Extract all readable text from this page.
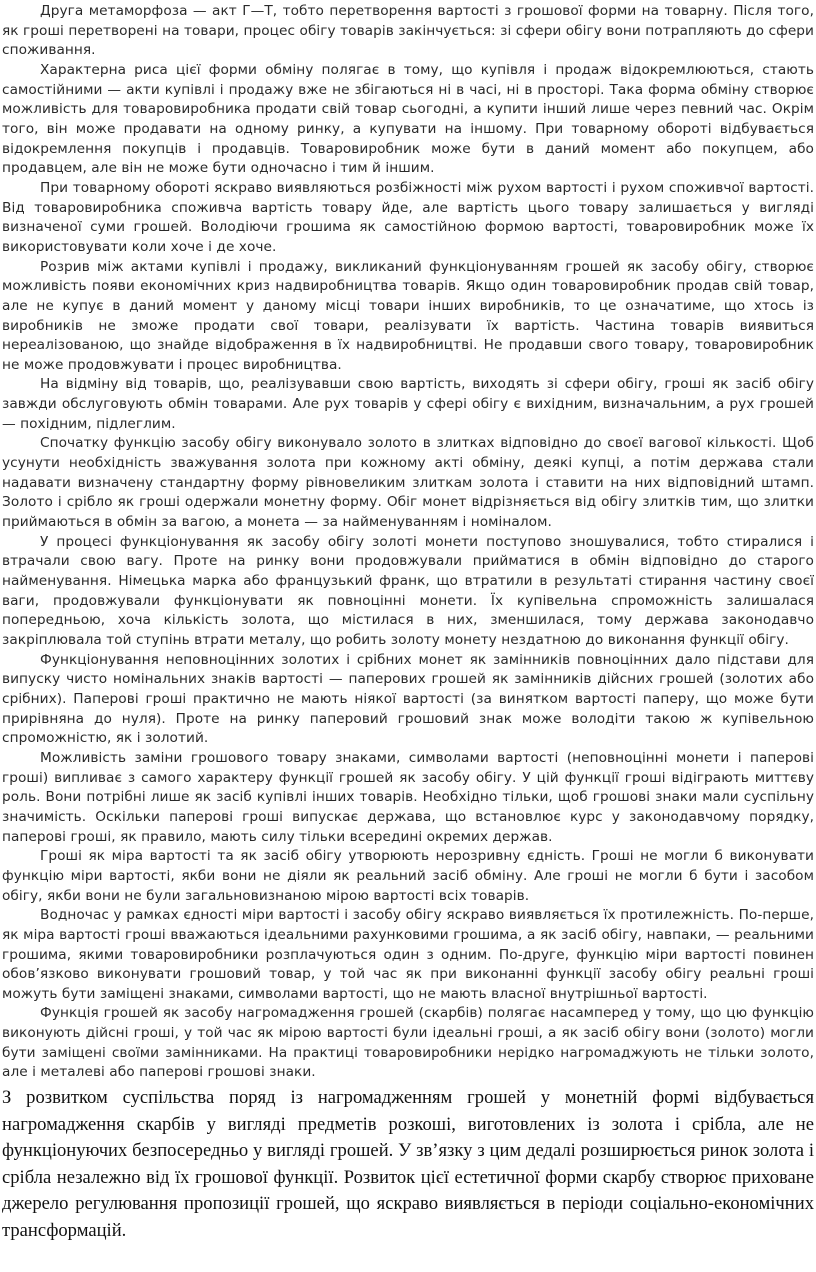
Друга метаморфоза — акт Г—Т, тобто перетворення вартості з грошової форми на товарну. Після того, як гроші перетворені на товари, процес обігу товарів закінчується: зі сфери обігу вони потрапляють до сфери споживання.

Характерна риса цієї форми обміну полягає в тому, що купівля і продаж відокремлюються, стають самостійними — акти купівлі і продажу вже не збігаються ні в часі, ні в просторі. Така форма обміну створює можливість для товаровиробника продати свій товар сьогодні, а купити інший лише через певний час. Окрім того, він може продавати на одному ринку, а купувати на іншому. При товарному обороті відбувається відокремлення покупців і продавців. Товаровиробник може бути в даний момент або покупцем, або продавцем, але він не може бути одночасно і тим й іншим.

При товарному обороті яскраво виявляються розбіжності між рухом вартості і рухом споживчої вартості. Від товаровиробника споживча вартість товару йде, але вартість цього товару залишається у вигляді визначеної суми грошей. Володіючи грошима як самостійною формою вартості, товаровиробник може їх використовувати коли хоче і де хоче.

Розрив між актами купівлі і продажу, викликаний функціонуванням грошей як засобу обігу, створює можливість появи економічних криз надвиробництва товарів. Якщо один товаровиробник продав свій товар, але не купує в даний момент у даному місці товари інших виробників, то це означатиме, що хтось із виробників не зможе продати свої товари, реалізувати їх вартість. Частина товарів виявиться нереалізованою, що знайде відображення в їх надвиробництві. Не продавши свого товару, товаровиробник не може продовжувати і процес виробництва.

На відміну від товарів, що, реалізувавши свою вартість, виходять зі сфери обігу, гроші як засіб обігу завжди обслуговують обмін товарами. Але рух товарів у сфері обігу є вихідним, визначальним, а рух грошей — похідним, підлеглим.

Спочатку функцію засобу обігу виконувало золото в злитках відповідно до своєї вагової кількості. Щоб усунути необхідність зважування золота при кожному акті обміну, деякі купці, а потім держава стали надавати визначену стандартну форму рівновеликим злиткам золота і ставити на них відповідний штамп. Золото і срібло як гроші одержали монетну форму. Обіг монет відрізняється від обігу злитків тим, що злитки приймаються в обмін за вагою, а монета — за найменуванням і номіналом.

У процесі функціонування як засобу обігу золоті монети поступово зношувалися, тобто стиралися і втрачали свою вагу. Проте на ринку вони продовжували прийматися в обмін відповідно до старого найменування. Німецька марка або французький франк, що втратили в результаті стирання частину своєї ваги, продовжували функціонувати як повноцінні монети. Їх купівельна спроможність залишалася попередньою, хоча кількість золота, що містилася в них, зменшилася, тому держава законодавчо закріплювала той ступінь втрати металу, що робить золоту монету нездатною до виконання функції обігу.

Функціонування неповноцінних золотих і срібних монет як замінників повноцінних дало підстави для випуску чисто номінальних знаків вартості — паперових грошей як замінників дійсних грошей (золотих або срібних). Паперові гроші практично не мають ніякої вартості (за винятком вартості паперу, що може бути прирівняна до нуля). Проте на ринку паперовий грошовий знак може володіти такою ж купівельною спроможністю, як і золотий.

Можливість заміни грошового товару знаками, символами вартості (неповноцінні монети і паперові гроші) випливає з самого характеру функції грошей як засобу обігу. У цій функції гроші відіграють миттєву роль. Вони потрібні лише як засіб купівлі інших товарів. Необхідно тільки, щоб грошові знаки мали суспільну значимість. Оскільки паперові гроші випускає держава, що встановлює курс у законодавчому порядку, паперові гроші, як правило, мають силу тільки всередині окремих держав.

Гроші як міра вартості та як засіб обігу утворюють нерозривну єдність. Гроші не могли б виконувати функцію міри вартості, якби вони не діяли як реальний засіб обміну. Але гроші не могли б бути і засобом обігу, якби вони не були загальновизнаною мірою вартості всіх товарів.

Водночас у рамках єдності міри вартості і засобу обігу яскраво виявляється їх протилежність. По-перше, як міра вартості гроші вважаються ідеальними рахунковими грошима, а як засіб обігу, навпаки, — реальними грошима, якими товаровиробники розплачуються один з одним. По-друге, функцію міри вартості повинен обов’язково виконувати грошовий товар, у той час як при виконанні функції засобу обігу реальні гроші можуть бути заміщені знаками, символами вартості, що не мають власної внутрішньої вартості.

Функція грошей як засобу нагромадження грошей (скарбів) полягає насамперед у тому, що цю функцію виконують дійсні гроші, у той час як мірою вартості були ідеальні гроші, а як засіб обігу вони (золото) могли бути заміщені своїми замінниками. На практиці товаровиробники нерідко нагромаджують не тільки золото, але і металеві або паперові грошові знаки.

З розвитком суспільства поряд із нагромадженням грошей у монетній формі відбувається нагромадження скарбів у вигляді предметів розкоші, виготовлених із золота і срібла, але не функціонуючих безпосередньо у вигляді грошей. У зв’язку з цим дедалі розширюється ринок золота і срібла незалежно від їх грошової функції. Розвиток цієї естетичної форми скарбу створює приховане джерело регулювання пропозиції грошей, що яскраво виявляється в періоди соціально-економічних трансформацій.
